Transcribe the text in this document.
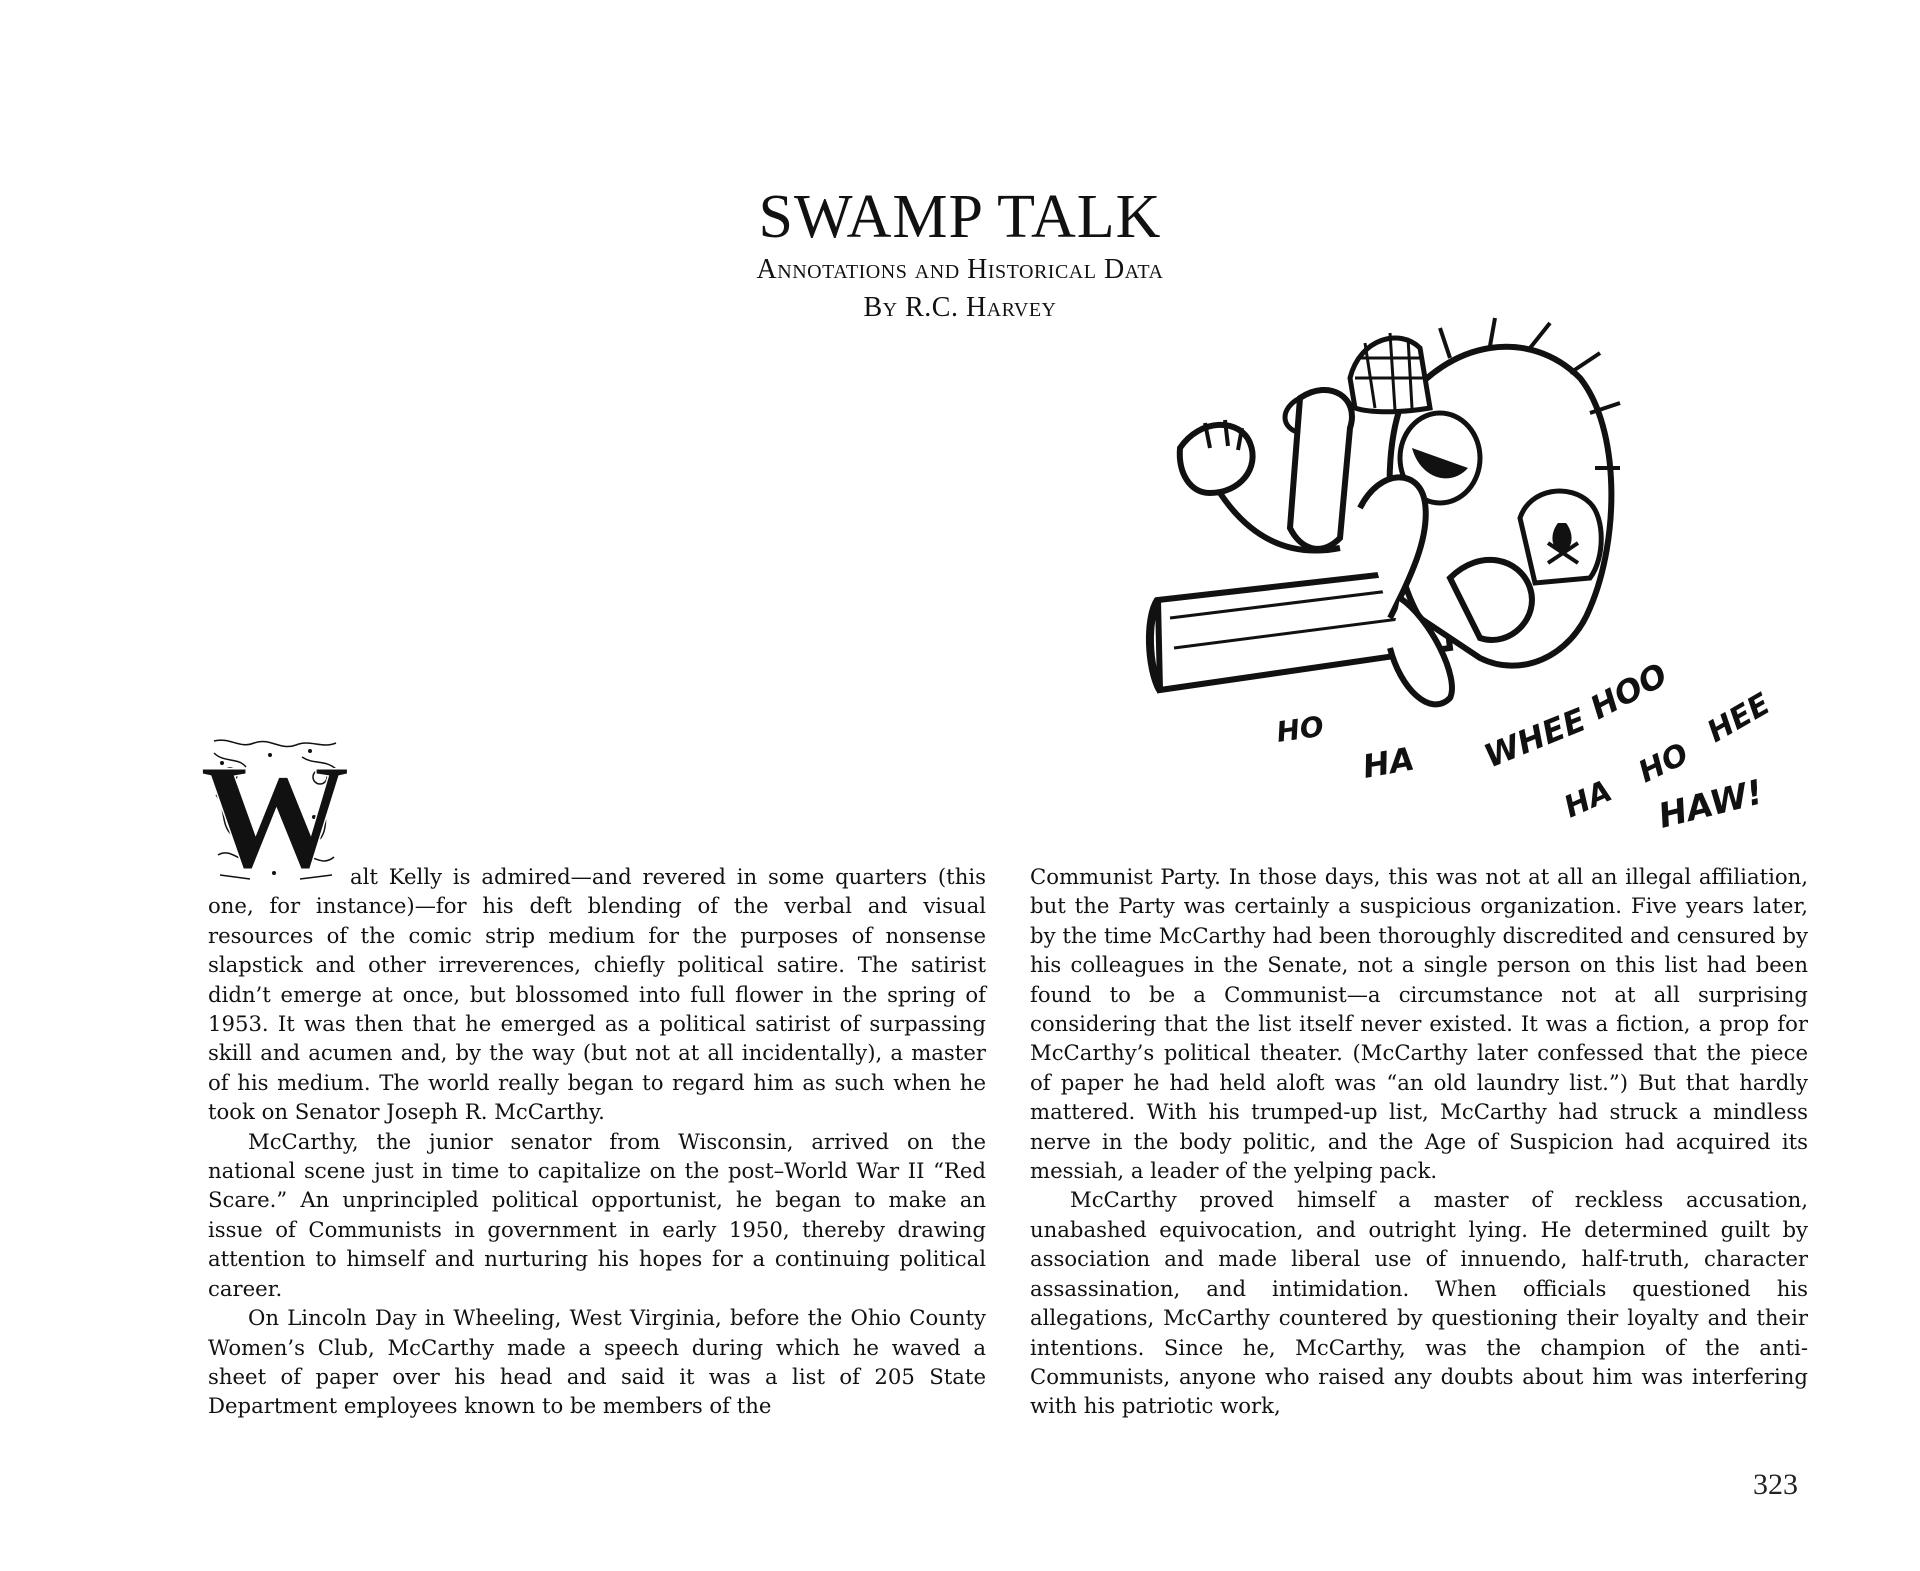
SWAMP TALK
Annotations and Historical Data
By R.C. Harvey
HO
HA WHEE
HOO
HA
HO
HEE
HAW!
W alt Kelly is admired—and revered in some quarters (this one, for instance)—for his deft blending of the verbal and visual resources of the comic strip medium for the purposes of nonsense slapstick and other irreverences, chiefly political satire. The satirist didn’t emerge at once, but blossomed into full flower in the spring of 1953. It was then that he emerged as a political satirist of surpassing skill and acumen and, by the way (but not at all incidentally), a master of his medium. The world really began to regard him as such when he took on Senator Joseph R. McCarthy.

McCarthy, the junior senator from Wisconsin, arrived on the national scene just in time to capitalize on the post–World War II “Red Scare.” An unprincipled political opportunist, he began to make an issue of Communists in government in early 1950, thereby drawing attention to himself and nurturing his hopes for a continuing political career.

On Lincoln Day in Wheeling, West Virginia, before the Ohio County Women’s Club, McCarthy made a speech during which he waved a sheet of paper over his head and said it was a list of 205 State Department employees known to be members of the

Communist Party. In those days, this was not at all an illegal affiliation, but the Party was certainly a suspicious organization. Five years later, by the time McCarthy had been thoroughly discredited and censured by his colleagues in the Senate, not a single person on this list had been found to be a Communist—a circumstance not at all surprising considering that the list itself never existed. It was a fiction, a prop for McCarthy’s political theater. (McCarthy later confessed that the piece of paper he had held aloft was “an old laundry list.”) But that hardly mattered. With his trumped-up list, McCarthy had struck a mindless nerve in the body politic, and the Age of Suspicion had acquired its messiah, a leader of the yelping pack.

McCarthy proved himself a master of reckless accusation, unabashed equivocation, and outright lying. He determined guilt by association and made liberal use of innuendo, half-truth, character assassination, and intimidation. When officials questioned his allegations, McCarthy countered by questioning their loyalty and their intentions. Since he, McCarthy, was the champion of the anti-Communists, anyone who raised any doubts about him was interfering with his patriotic work,

323
